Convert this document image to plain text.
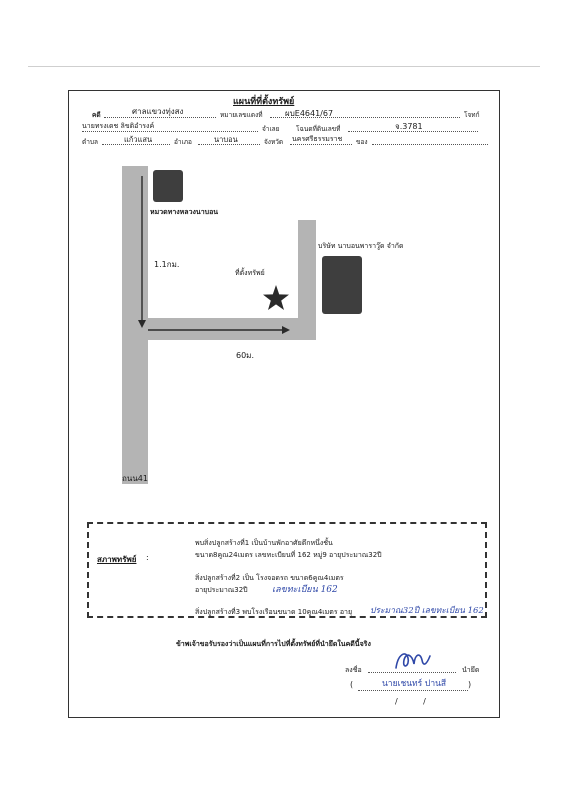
แผนที่ที่ตั้งทรัพย์
คดี	ศาลแขวงทุ่งสง	หมายเลขแดงที่	ผบE4641/67	โจทก์
นายทรงเดช ลิขติอำรงค์	จำเลย	โฉนดที่ดินเลขที่	จ.3781
ตำบล	แก้วแสน	อำเภอ	นาบอน	จังหวัด นครศรีธรรมราช ของ
หมวดทางหลวงนาบอน
1.1กม.
บริษัท นาบอนพาราวู๊ด จำกัด
ที่ตั้งทรัพย์
60ม.
ถนน41
สภาพทรัพย์ :
พบสิ่งปลูกสร้างที่1 เป็นบ้านพักอาศัยตึกหนึ่งชั้น
ขนาด8คูณ24เมตร เลขทะเบียนที่ 162 หมู่9 อายุประมาณ32ปี
สิ่งปลูกสร้างที่2 เป็น โรงจอดรถ ขนาด6คูณ4เมตร
อายุประมาณ32ปี	เลขทะเบียน 162
สิ่งปลูกสร้างที่3 พบโรงเรือนขนาด 10คูณ4เมตร อายุ ประมาณ32ปี เลขทะเบียน 162
ข้าพเจ้าขอรับรองว่าเป็นแผนที่การไปที่ตั้งทรัพย์ที่นำยึดในคดีนี้จริง
ลงชื่อ	นำยึด
(	)
นายเชนทร์ ปานสี
/          /
